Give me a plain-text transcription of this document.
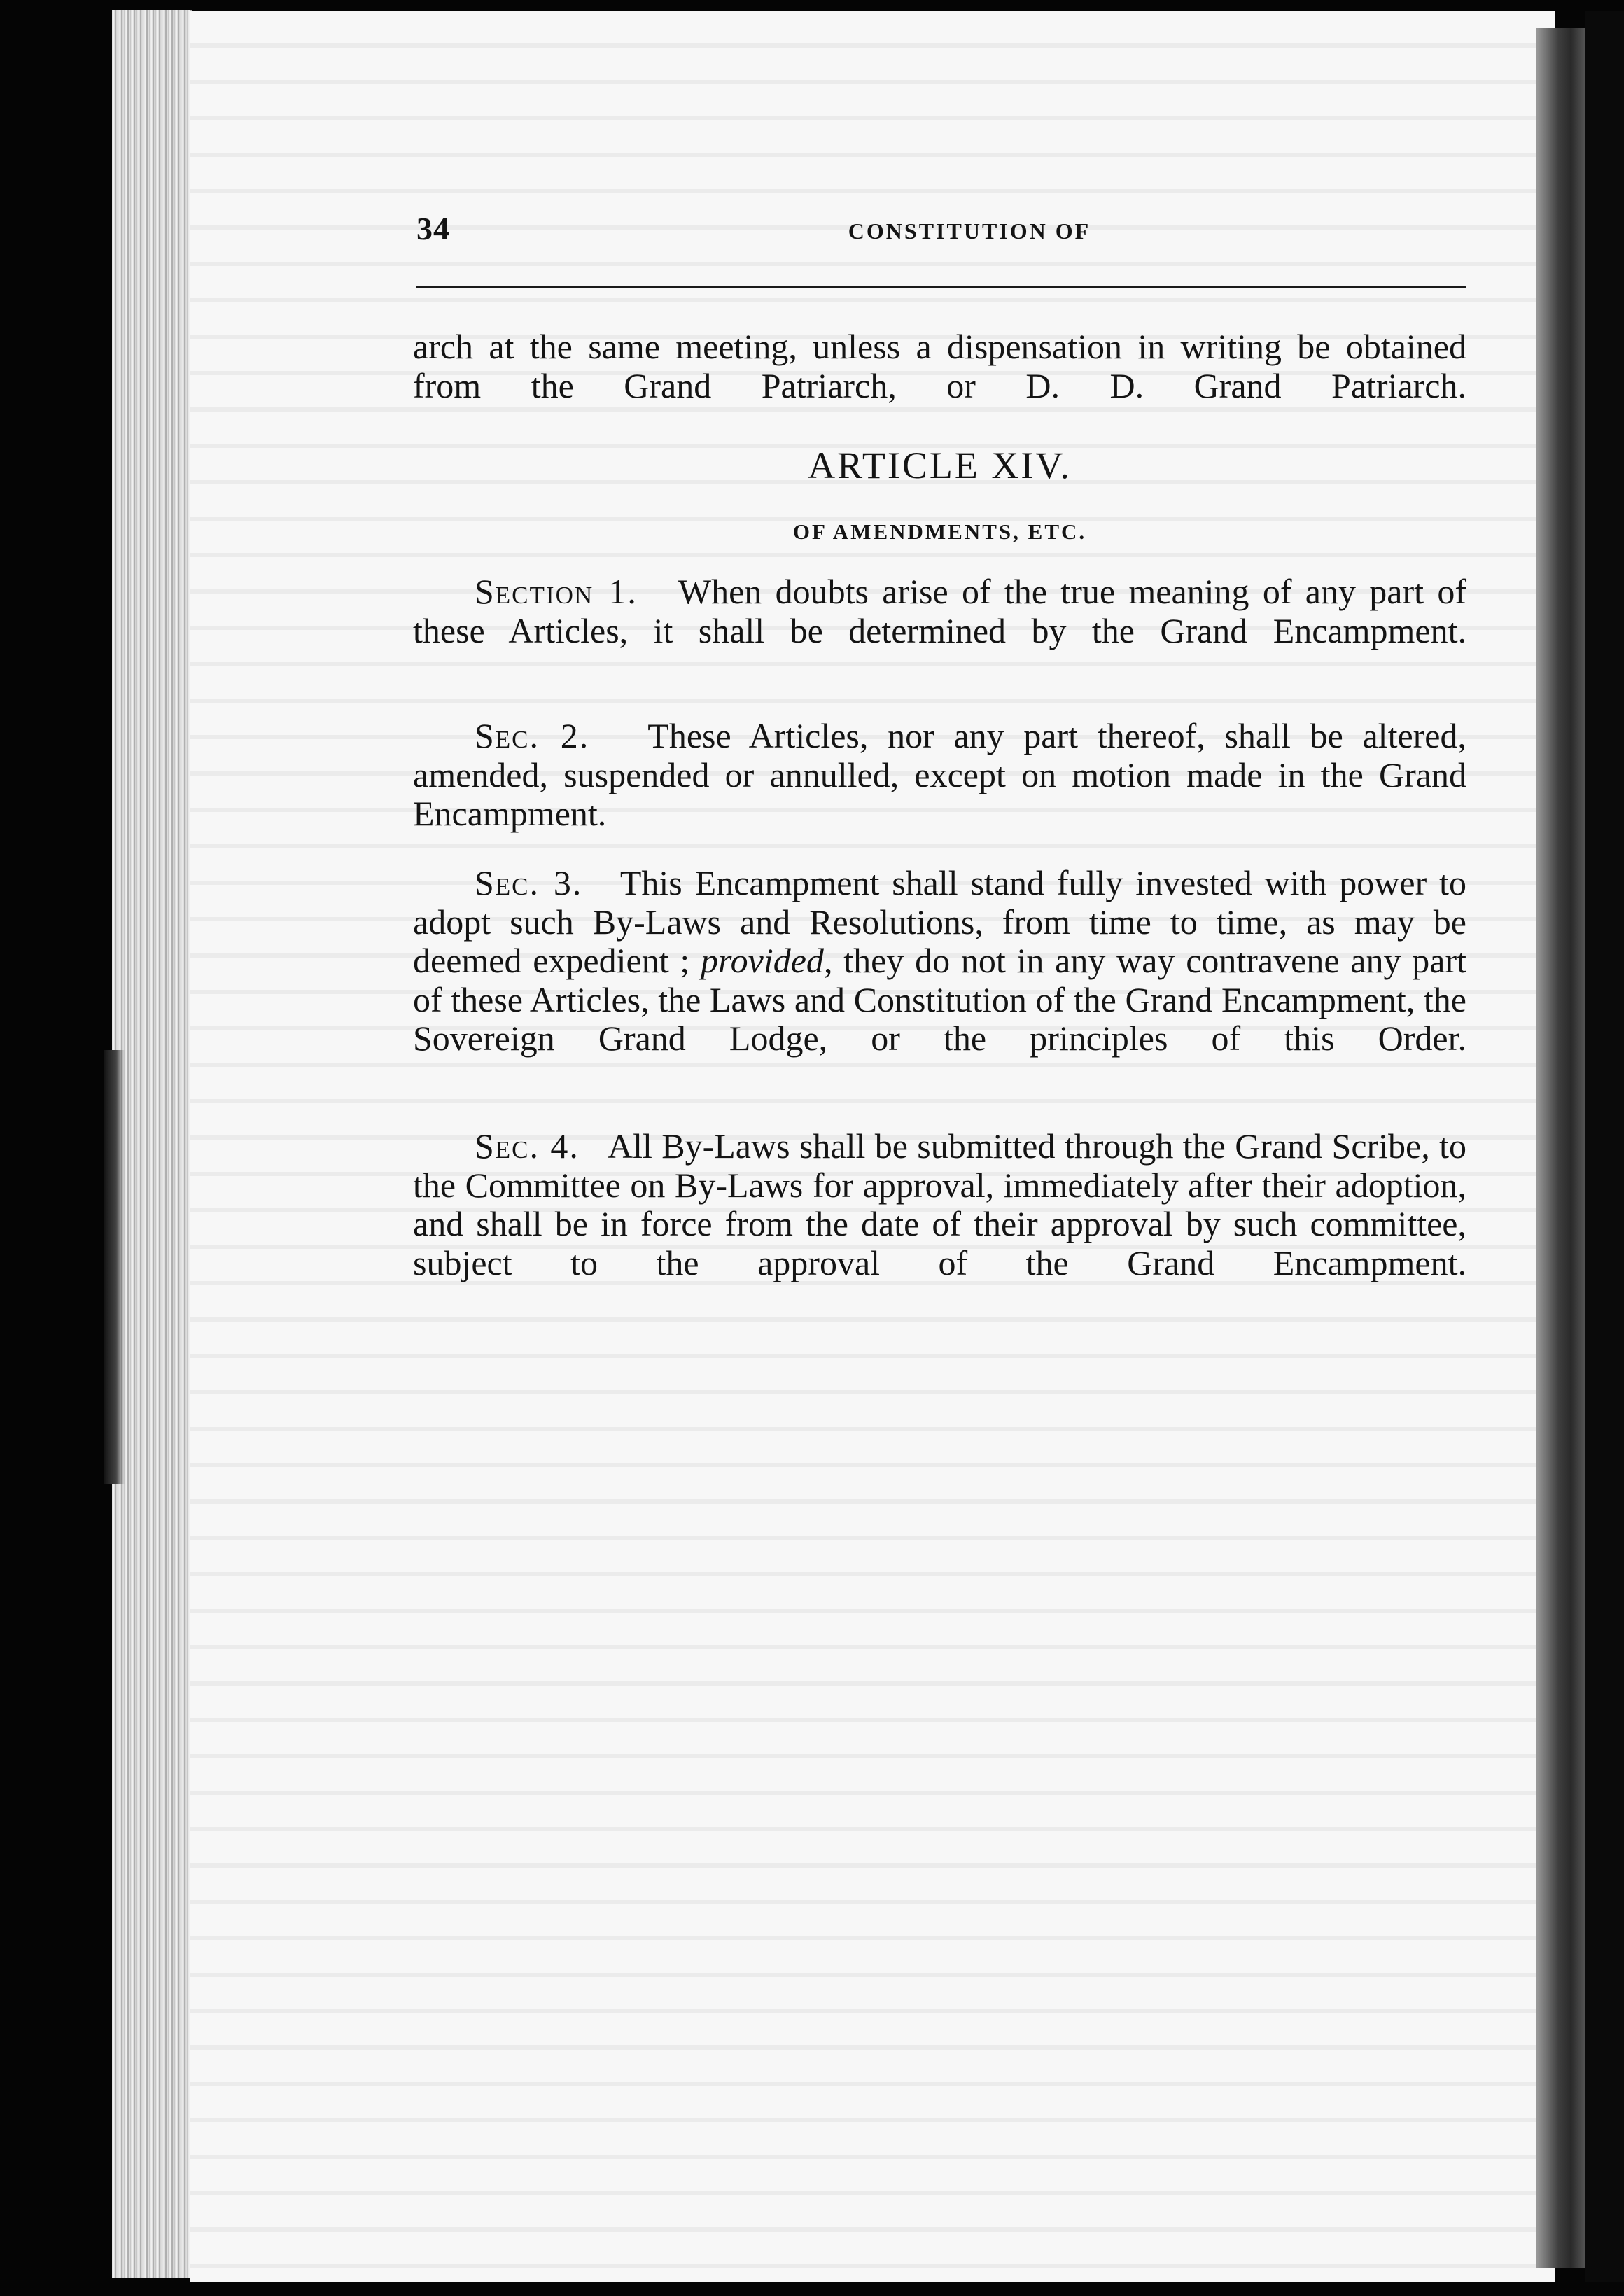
34	CONSTITUTION OF

arch at the same meeting, unless a dispensation in writing be obtained from the Grand Patriarch, or D. D. Grand Patriarch.

ARTICLE XIV.
OF AMENDMENTS, ETC.

Section 1. When doubts arise of the true meaning of any part of these Articles, it shall be determined by the Grand Encampment.

Sec. 2. These Articles, nor any part thereof, shall be altered, amended, suspended or annulled, except on motion made in the Grand Encampment.

Sec. 3. This Encampment shall stand fully invested with power to adopt such By-Laws and Resolutions, from time to time, as may be deemed expedient ; provided, they do not in any way contravene any part of these Articles, the Laws and Constitution of the Grand Encampment, the Sovereign Grand Lodge, or the principles of this Order.

Sec. 4. All By-Laws shall be submitted through the Grand Scribe, to the Committee on By-Laws for approval, immediately after their adoption, and shall be in force from the date of their approval by such committee, subject to the approval of the Grand Encampment.
